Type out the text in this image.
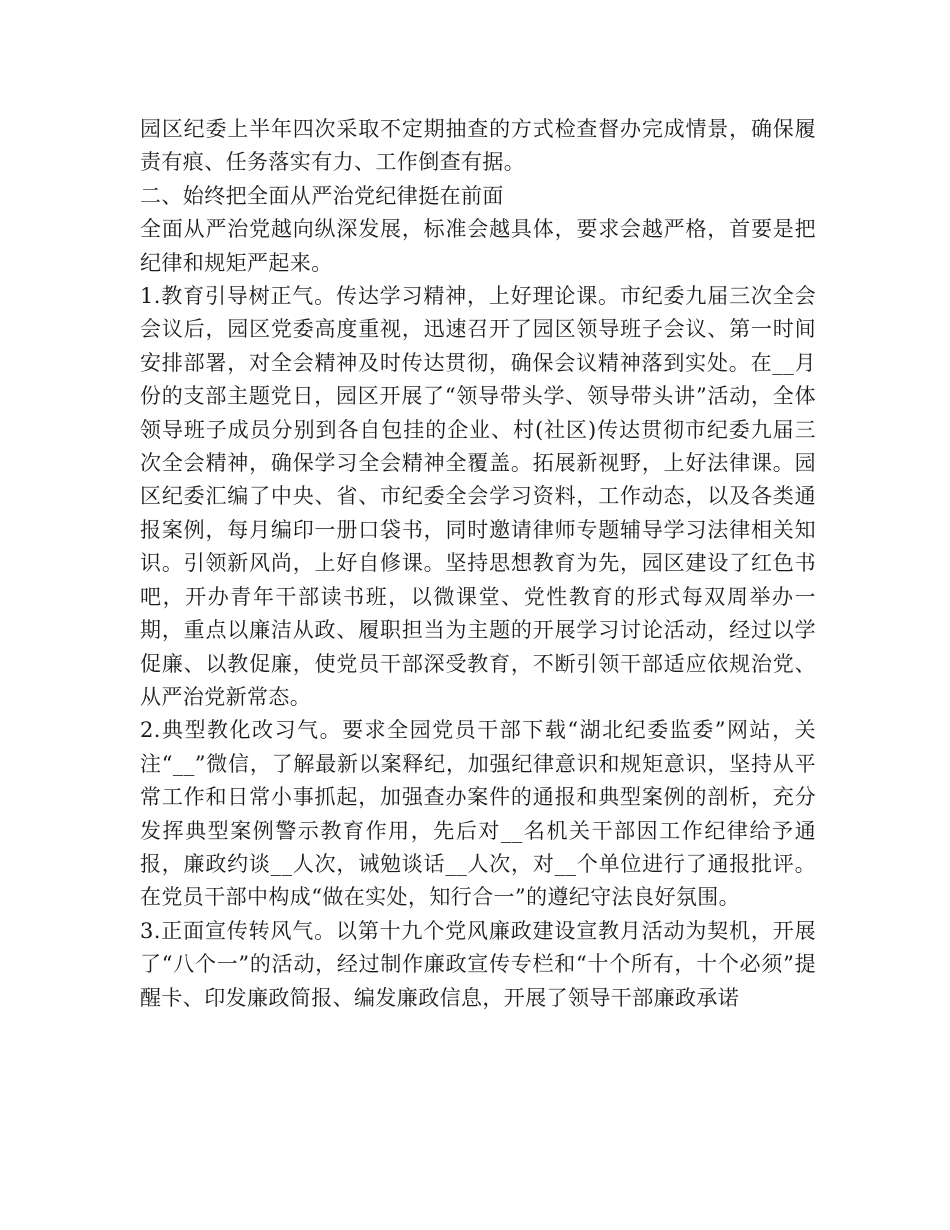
园区纪委上半年四次采取不定期抽查的方式检查督办完成情景，确保履责有痕、任务落实有力、工作倒查有据。

二、始终把全面从严治党纪律挺在前面

全面从严治党越向纵深发展，标准会越具体，要求会越严格，首要是把纪律和规矩严起来。

1.教育引导树正气。传达学习精神，上好理论课。市纪委九届三次全会会议后，园区党委高度重视，迅速召开了园区领导班子会议、第一时间安排部署，对全会精神及时传达贯彻，确保会议精神落到实处。在__月份的支部主题党日，园区开展了“领导带头学、领导带头讲”活动，全体领导班子成员分别到各自包挂的企业、村(社区)传达贯彻市纪委九届三次全会精神，确保学习全会精神全覆盖。拓展新视野，上好法律课。园区纪委汇编了中央、省、市纪委全会学习资料，工作动态，以及各类通报案例，每月编印一册口袋书，同时邀请律师专题辅导学习法律相关知识。引领新风尚，上好自修课。坚持思想教育为先，园区建设了红色书吧，开办青年干部读书班，以微课堂、党性教育的形式每双周举办一期，重点以廉洁从政、履职担当为主题的开展学习讨论活动，经过以学促廉、以教促廉，使党员干部深受教育，不断引领干部适应依规治党、从严治党新常态。

2.典型教化改习气。要求全园党员干部下载“湖北纪委监委”网站，关注“__”微信，了解最新以案释纪，加强纪律意识和规矩意识，坚持从平常工作和日常小事抓起，加强查办案件的通报和典型案例的剖析，充分发挥典型案例警示教育作用，先后对__名机关干部因工作纪律给予通报，廉政约谈__人次，诫勉谈话__人次，对__个单位进行了通报批评。在党员干部中构成“做在实处，知行合一”的遵纪守法良好氛围。

3.正面宣传转风气。以第十九个党风廉政建设宣教月活动为契机，开展了“八个一”的活动，经过制作廉政宣传专栏和“十个所有，十个必须”提醒卡、印发廉政简报、编发廉政信息，开展了领导干部廉政承诺
